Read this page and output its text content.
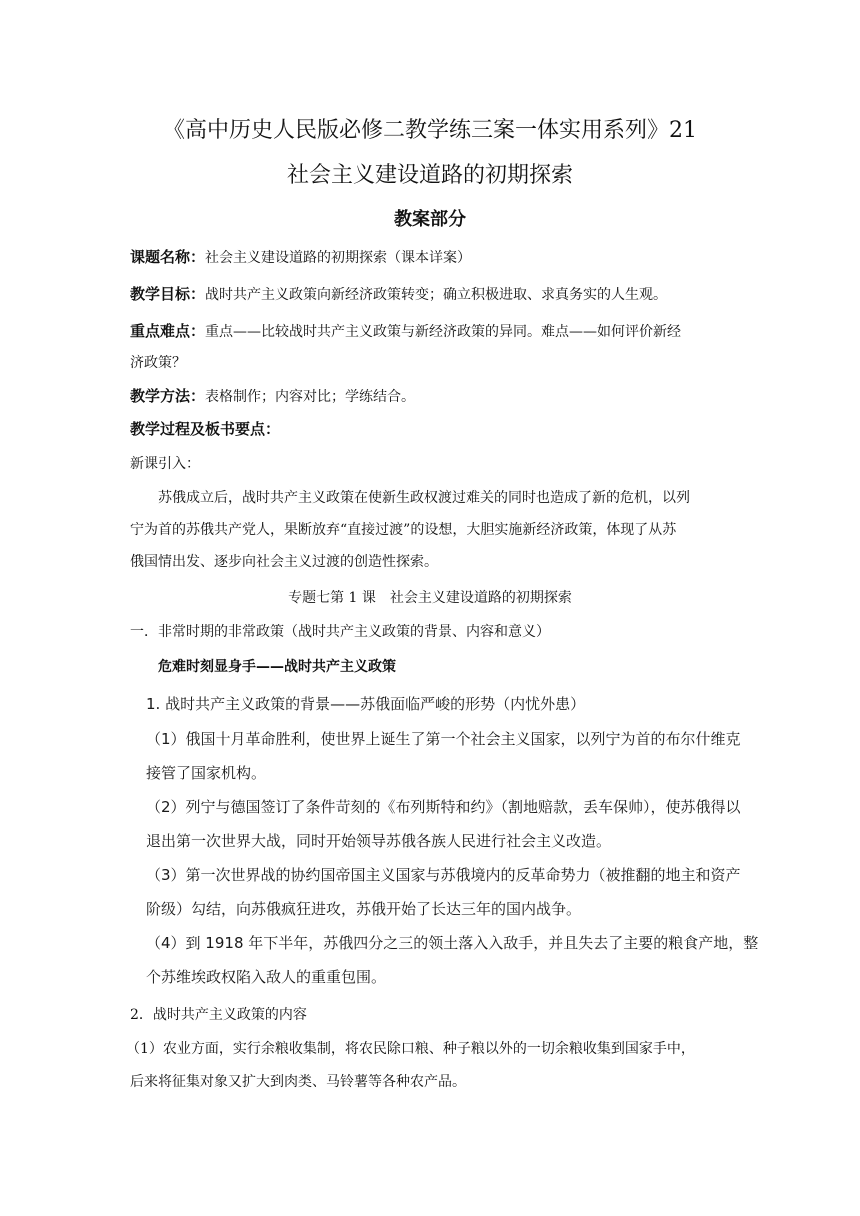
《高中历史人民版必修二教学练三案一体实用系列》21
社会主义建设道路的初期探索
教案部分
课题名称：社会主义建设道路的初期探索（课本详案）
教学目标：战时共产主义政策向新经济政策转变；确立积极进取、求真务实的人生观。
重点难点：重点——比较战时共产主义政策与新经济政策的异同。难点——如何评价新经
济政策？
教学方法：表格制作；内容对比；学练结合。
教学过程及板书要点：
新课引入：
苏俄成立后，战时共产主义政策在使新生政权渡过难关的同时也造成了新的危机，以列
宁为首的苏俄共产党人，果断放弃“直接过渡”的设想，大胆实施新经济政策，体现了从苏
俄国情出发、逐步向社会主义过渡的创造性探索。
专题七第 1 课　社会主义建设道路的初期探索
一．非常时期的非常政策（战时共产主义政策的背景、内容和意义）
危难时刻显身手——战时共产主义政策
1. 战时共产主义政策的背景——苏俄面临严峻的形势（内忧外患）
（1）俄国十月革命胜利，使世界上诞生了第一个社会主义国家，以列宁为首的布尔什维克
接管了国家机构。
（2）列宁与德国签订了条件苛刻的《布列斯特和约》（割地赔款，丢车保帅），使苏俄得以
退出第一次世界大战，同时开始领导苏俄各族人民进行社会主义改造。
（3）第一次世界战的协约国帝国主义国家与苏俄境内的反革命势力（被推翻的地主和资产
阶级）勾结，向苏俄疯狂进攻，苏俄开始了长达三年的国内战争。
（4）到 1918 年下半年，苏俄四分之三的领土落入入敌手，并且失去了主要的粮食产地，整
个苏维埃政权陷入敌人的重重包围。
2．战时共产主义政策的内容
（1）农业方面，实行余粮收集制，将农民除口粮、种子粮以外的一切余粮收集到国家手中，
后来将征集对象又扩大到肉类、马铃薯等各种农产品。
